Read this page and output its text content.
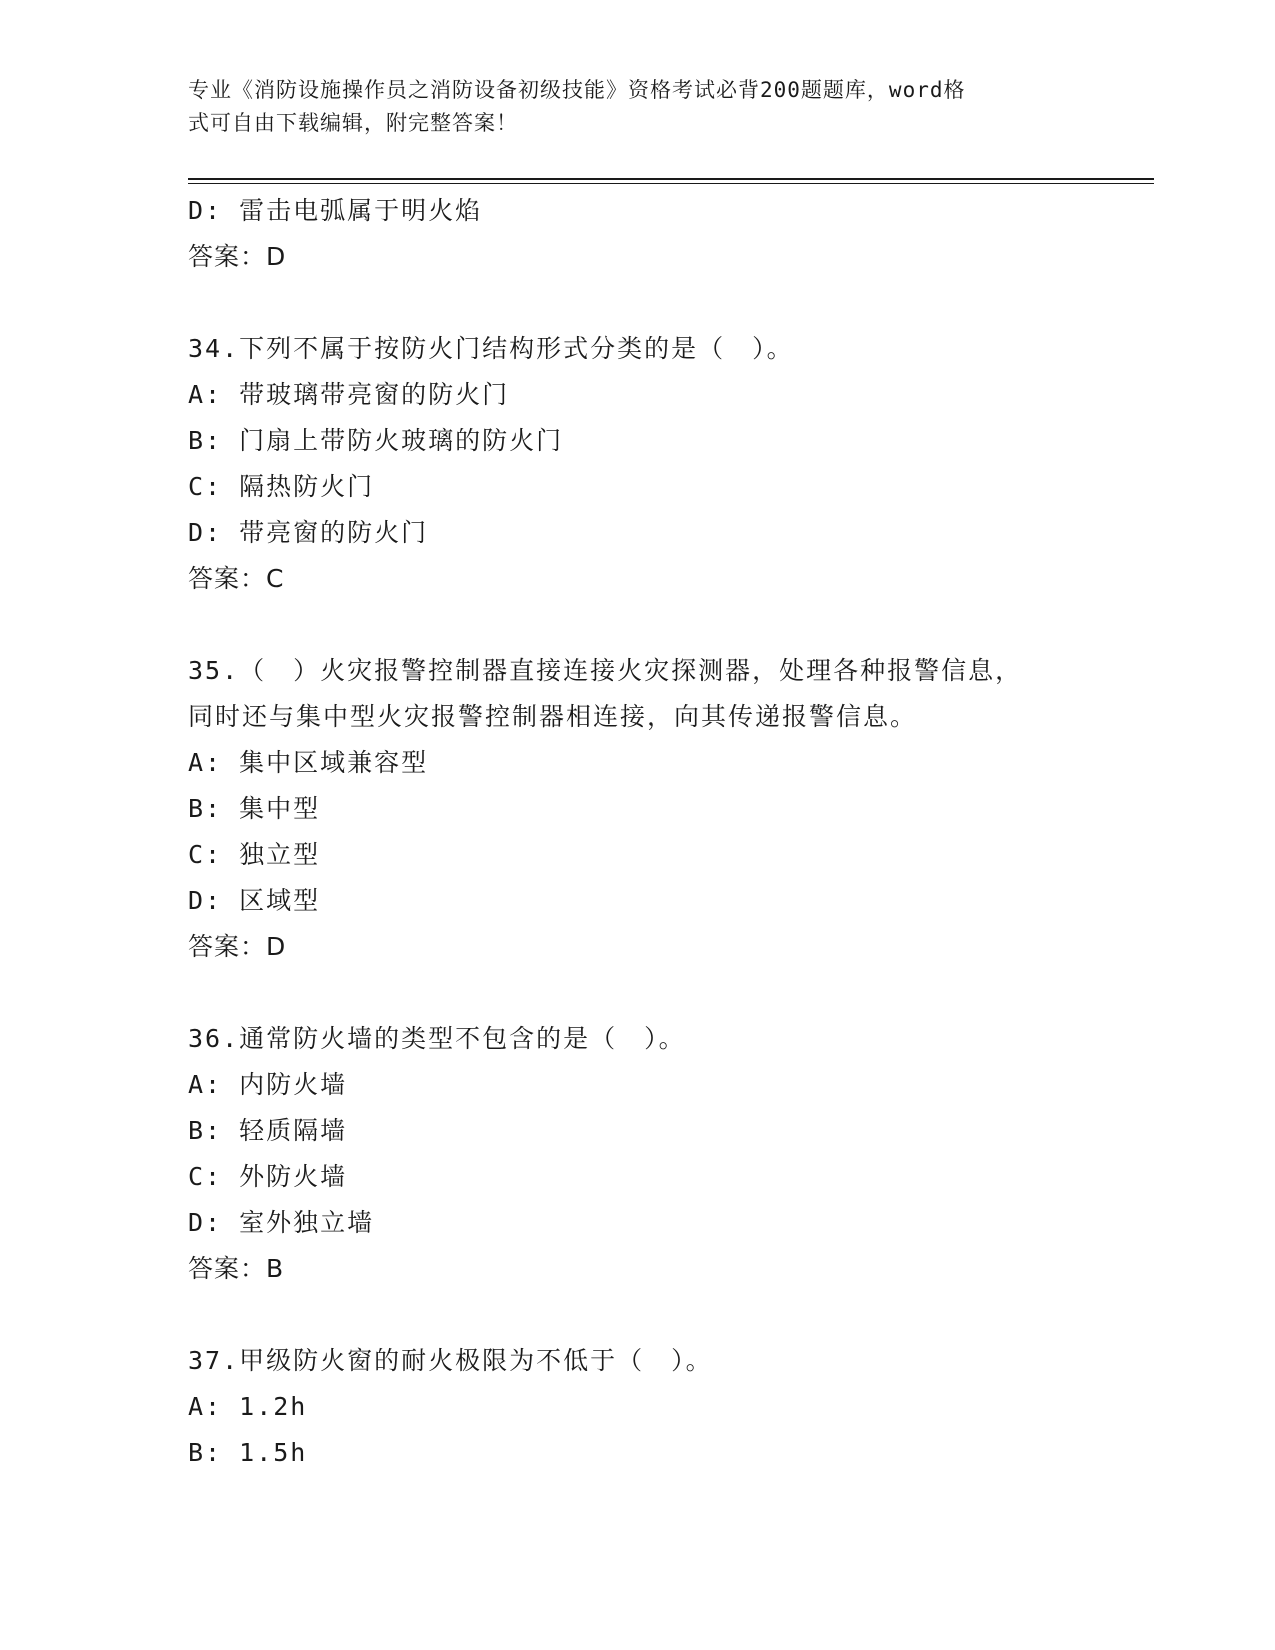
专业《消防设施操作员之消防设备初级技能》资格考试必背200题题库，word格
式可自由下载编辑，附完整答案！
D: 雷击电弧属于明火焰
答案：D
34.下列不属于按防火门结构形式分类的是（　）。
A: 带玻璃带亮窗的防火门
B: 门扇上带防火玻璃的防火门
C: 隔热防火门
D: 带亮窗的防火门
答案：C
35.（　）火灾报警控制器直接连接火灾探测器，处理各种报警信息，
同时还与集中型火灾报警控制器相连接，向其传递报警信息。
A: 集中区域兼容型
B: 集中型
C: 独立型
D: 区域型
答案：D
36.通常防火墙的类型不包含的是（　）。
A: 内防火墙
B: 轻质隔墙
C: 外防火墙
D: 室外独立墙
答案：B
37.甲级防火窗的耐火极限为不低于（　）。
A: 1.2h
B: 1.5h
